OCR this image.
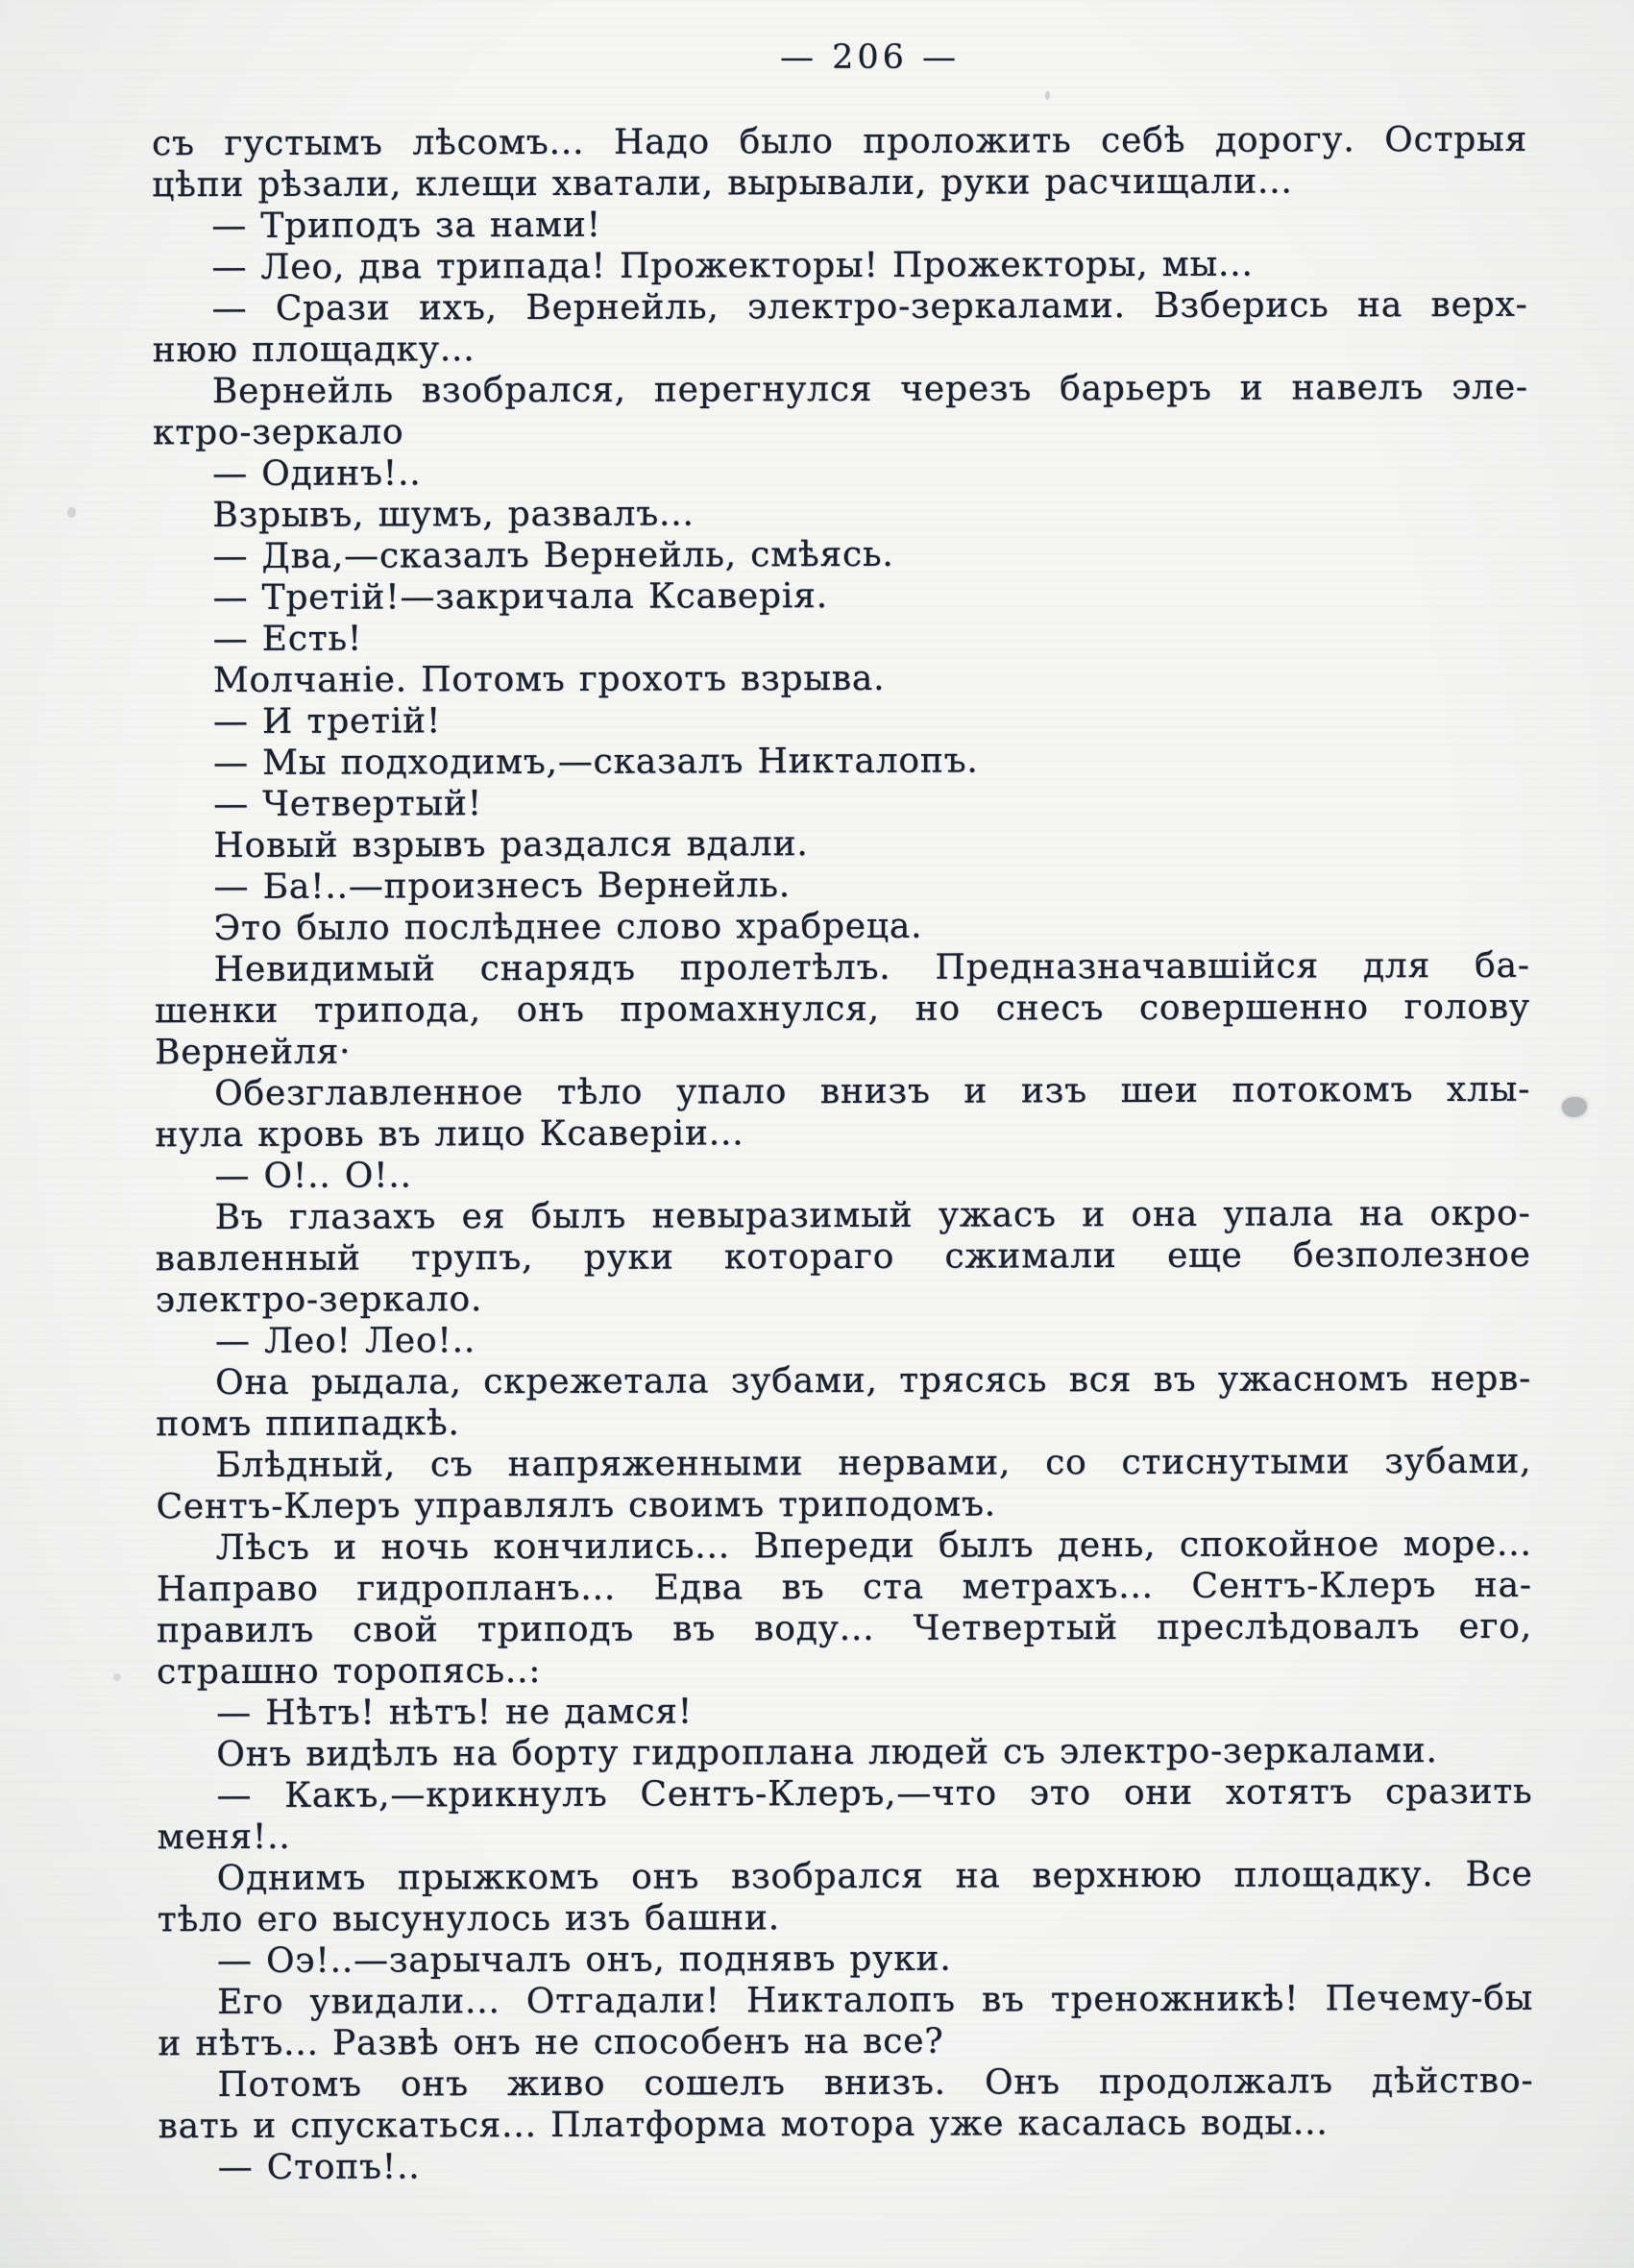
— 206 —

съ густымъ лѣсомъ... Надо было проложить себѣ дорогу. Острыя
цѣпи рѣзали, клещи хватали, вырывали, руки расчищали...

— Триподъ за нами!

— Лео, два трипада! Прожекторы! Прожекторы, мы...

— Срази ихъ, Вернейль, электро-зеркалами. Взберись на верх-
нюю площадку...

Вернейль взобрался, перегнулся черезъ барьеръ и навелъ эле-
ктро-зеркало

— Одинъ!..

Взрывъ, шумъ, развалъ...

— Два,—сказалъ Вернейль, смѣясь.

— Третій!—закричала Ксаверія.

— Есть!

Молчаніе. Потомъ грохотъ взрыва.

— И третій!

— Мы подходимъ,—сказалъ Никталопъ.

— Четвертый!

Новый взрывъ раздался вдали.

— Ба!..—произнесъ Вернейль.

Это было послѣднее слово храбреца.

Невидимый снарядъ пролетѣлъ. Предназначавшійся для ба-
шенки трипода, онъ промахнулся, но снесъ совершенно голову
Вернейля·

Обезглавленное тѣло упало внизъ и изъ шеи потокомъ хлы-
нула кровь въ лицо Ксаверіи...

— О!.. О!..

Въ глазахъ ея былъ невыразимый ужасъ и она упала на окро-
вавленный трупъ, руки котораго сжимали еще безполезное
электро-зеркало.

— Лео! Лео!..

Она рыдала, скрежетала зубами, трясясь вся въ ужасномъ нерв-
помъ ппипадкѣ.

Блѣдный, съ напряженными нервами, со стиснутыми зубами,
Сентъ-Клеръ управлялъ своимъ триподомъ.

Лѣсъ и ночь кончились... Впереди былъ день, спокойное море...
Направо гидропланъ... Едва въ ста метрахъ... Сентъ-Клеръ на-
правилъ свой триподъ въ воду... Четвертый преслѣдовалъ его,
страшно торопясь..:

— Нѣтъ! нѣтъ! не дамся!

Онъ видѣлъ на борту гидроплана людей съ электро-зеркалами.

— Какъ,—крикнулъ Сентъ-Клеръ,—что это они хотятъ сразить
меня!..

Однимъ прыжкомъ онъ взобрался на верхнюю площадку. Все
тѣло его высунулось изъ башни.

— Оэ!..—зарычалъ онъ, поднявъ руки.

Его увидали... Отгадали! Никталопъ въ треножникѣ! Печему-бы
и нѣтъ... Развѣ онъ не способенъ на все?

Потомъ онъ живо сошелъ внизъ. Онъ продолжалъ дѣйство-
вать и спускаться... Платформа мотора уже касалась воды...

— Стопъ!..
